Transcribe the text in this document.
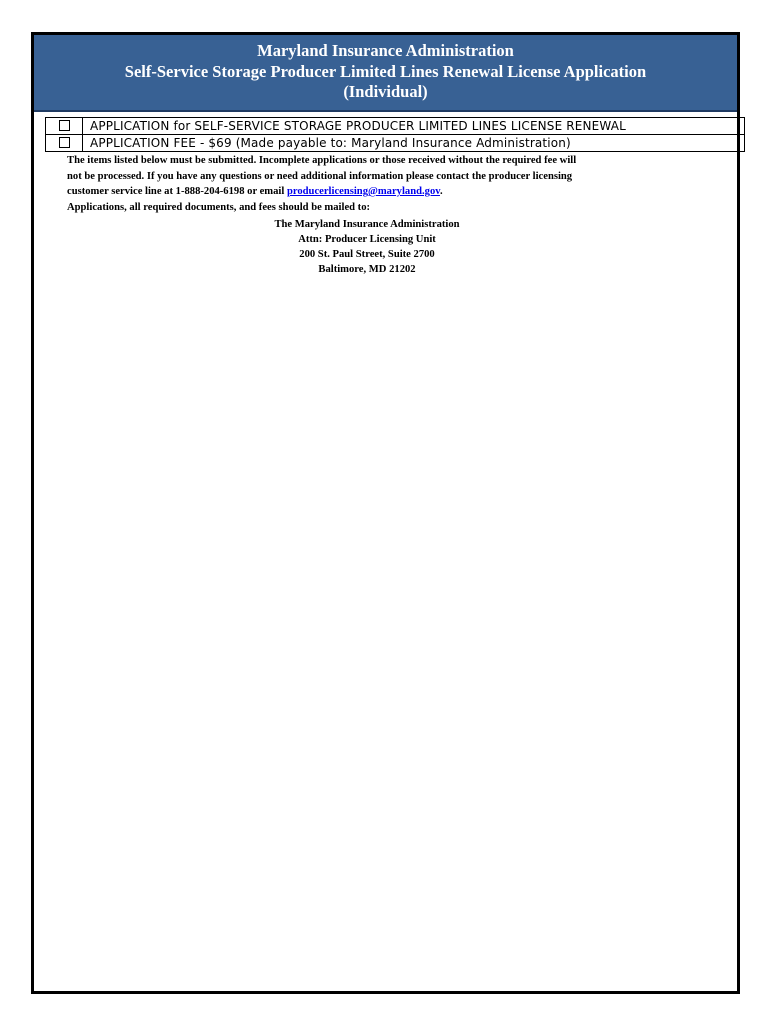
Maryland Insurance Administration
Self-Service Storage Producer Limited Lines Renewal License Application
(Individual)
	APPLICATION for SELF-SERVICE STORAGE PRODUCER LIMITED LINES LICENSE RENEWAL
	APPLICATION FEE - $69 (Made payable to: Maryland Insurance Administration)
The items listed below must be submitted. Incomplete applications or those received without the required fee will
not be processed. If you have any questions or need additional information please contact the producer licensing
customer service line at 1-888-204-6198 or email producerlicensing@maryland.gov.
Applications, all required documents, and fees should be mailed to:
The Maryland Insurance Administration
Attn: Producer Licensing Unit
200 St. Paul Street, Suite 2700
Baltimore, MD 21202
